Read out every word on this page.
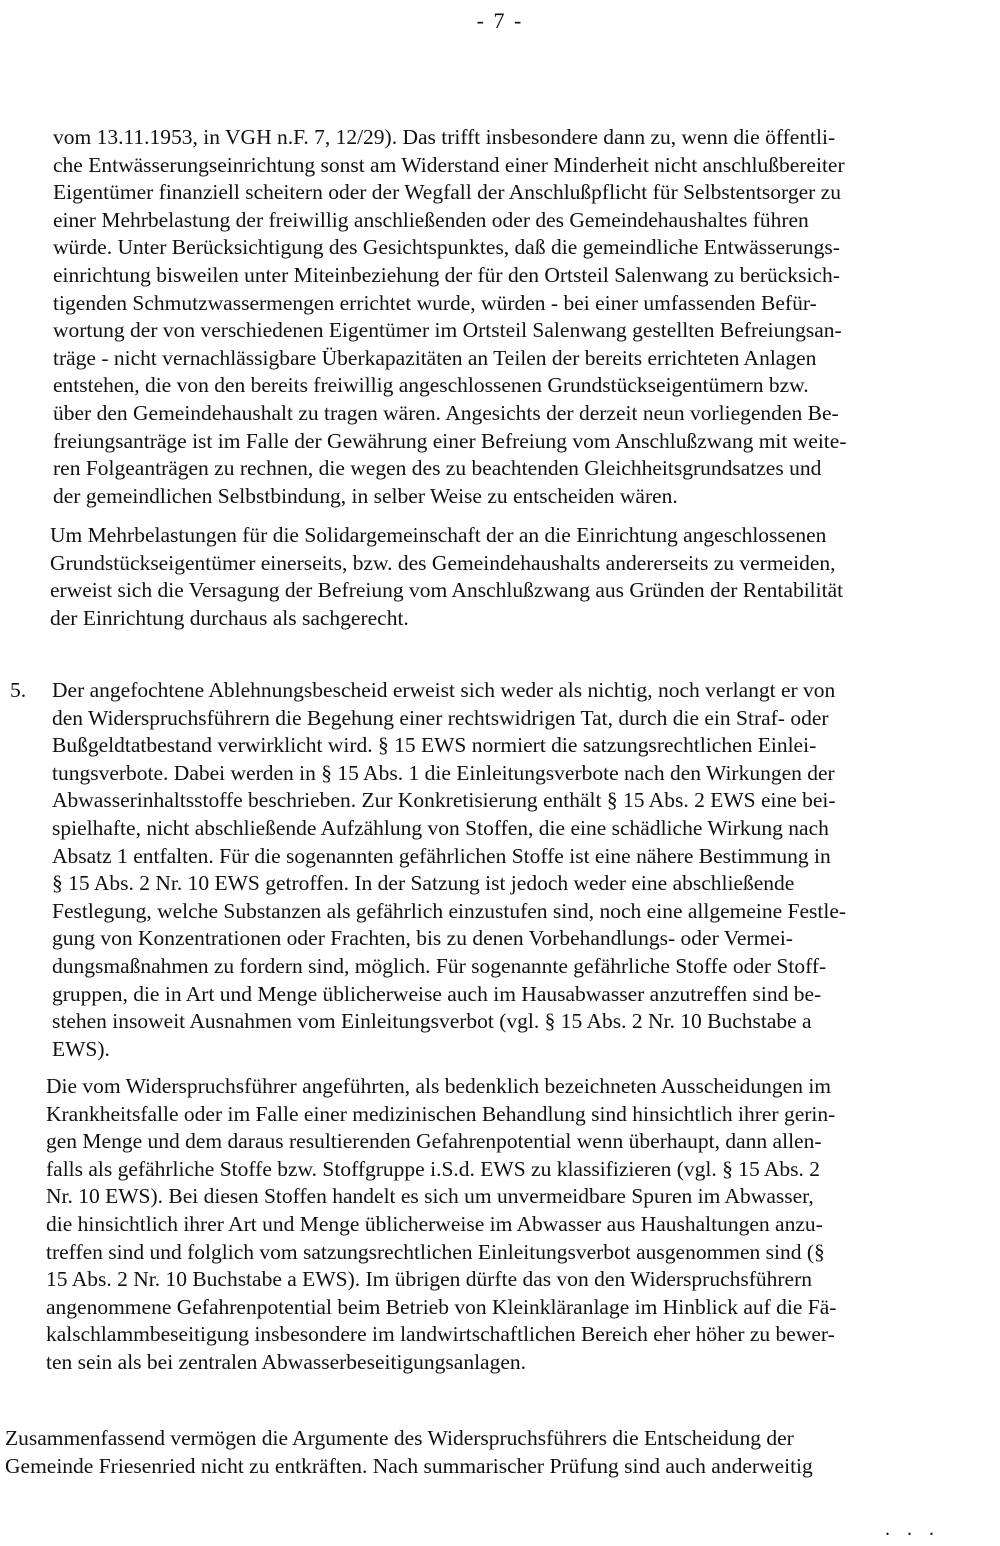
- 7 -
vom 13.11.1953, in VGH n.F. 7, 12/29). Das trifft insbesondere dann zu, wenn die öffentli-
che Entwässerungseinrichtung sonst am Widerstand einer Minderheit nicht anschlußbereiter
Eigentümer finanziell scheitern oder der Wegfall der Anschlußpflicht für Selbstentsorger zu
einer Mehrbelastung der freiwillig anschließenden oder des Gemeindehaushaltes führen
würde. Unter Berücksichtigung des Gesichtspunktes, daß die gemeindliche Entwässerungs-
einrichtung bisweilen unter Miteinbeziehung der für den Ortsteil Salenwang zu berücksich-
tigenden Schmutzwassermengen errichtet wurde, würden - bei einer umfassenden Befür-
wortung der von verschiedenen Eigentümer im Ortsteil Salenwang gestellten Befreiungsan-
träge - nicht vernachlässigbare Überkapazitäten an Teilen der bereits errichteten Anlagen
entstehen, die von den bereits freiwillig angeschlossenen Grundstückseigentümern bzw.
über den Gemeindehaushalt zu tragen wären. Angesichts der derzeit neun vorliegenden Be-
freiungsanträge ist im Falle der Gewährung einer Befreiung vom Anschlußzwang mit weite-
ren Folgeanträgen zu rechnen, die wegen des zu beachtenden Gleichheitsgrundsatzes und
der gemeindlichen Selbstbindung, in selber Weise zu entscheiden wären.
Um Mehrbelastungen für die Solidargemeinschaft der an die Einrichtung angeschlossenen
Grundstückseigentümer einerseits, bzw. des Gemeindehaushalts andererseits zu vermeiden,
erweist sich die Versagung der Befreiung vom Anschlußzwang aus Gründen der Rentabilität
der Einrichtung durchaus als sachgerecht.
5. Der angefochtene Ablehnungsbescheid erweist sich weder als nichtig, noch verlangt er von
den Widerspruchsführern die Begehung einer rechtswidrigen Tat, durch die ein Straf- oder
Bußgeldtatbestand verwirklicht wird. § 15 EWS normiert die satzungsrechtlichen Einlei-
tungsverbote. Dabei werden in § 15 Abs. 1 die Einleitungsverbote nach den Wirkungen der
Abwasserinhaltsstoffe beschrieben. Zur Konkretisierung enthält § 15 Abs. 2 EWS eine bei-
spielhafte, nicht abschließende Aufzählung von Stoffen, die eine schädliche Wirkung nach
Absatz 1 entfalten. Für die sogenannten gefährlichen Stoffe ist eine nähere Bestimmung in
§ 15 Abs. 2 Nr. 10 EWS getroffen. In der Satzung ist jedoch weder eine abschließende
Festlegung, welche Substanzen als gefährlich einzustufen sind, noch eine allgemeine Festle-
gung von Konzentrationen oder Frachten, bis zu denen Vorbehandlungs- oder Vermei-
dungsmaßnahmen zu fordern sind, möglich. Für sogenannte gefährliche Stoffe oder Stoff-
gruppen, die in Art und Menge üblicherweise auch im Hausabwasser anzutreffen sind be-
stehen insoweit Ausnahmen vom Einleitungsverbot (vgl. § 15 Abs. 2 Nr. 10 Buchstabe a
EWS).
Die vom Widerspruchsführer angeführten, als bedenklich bezeichneten Ausscheidungen im
Krankheitsfalle oder im Falle einer medizinischen Behandlung sind hinsichtlich ihrer gerin-
gen Menge und dem daraus resultierenden Gefahrenpotential wenn überhaupt, dann allen-
falls als gefährliche Stoffe bzw. Stoffgruppe i.S.d. EWS zu klassifizieren (vgl. § 15 Abs. 2
Nr. 10 EWS). Bei diesen Stoffen handelt es sich um unvermeidbare Spuren im Abwasser,
die hinsichtlich ihrer Art und Menge üblicherweise im Abwasser aus Haushaltungen anzu-
treffen sind und folglich vom satzungsrechtlichen Einleitungsverbot ausgenommen sind (§
15 Abs. 2 Nr. 10 Buchstabe a EWS). Im übrigen dürfte das von den Widerspruchsführern
angenommene Gefahrenpotential beim Betrieb von Kleinkläranlage im Hinblick auf die Fä-
kalschlammbeseitigung insbesondere im landwirtschaftlichen Bereich eher höher zu bewer-
ten sein als bei zentralen Abwasserbeseitigungsanlagen.
Zusammenfassend vermögen die Argumente des Widerspruchsführers die Entscheidung der
Gemeinde Friesenried nicht zu entkräften. Nach summarischer Prüfung sind auch anderweitig
. . .
